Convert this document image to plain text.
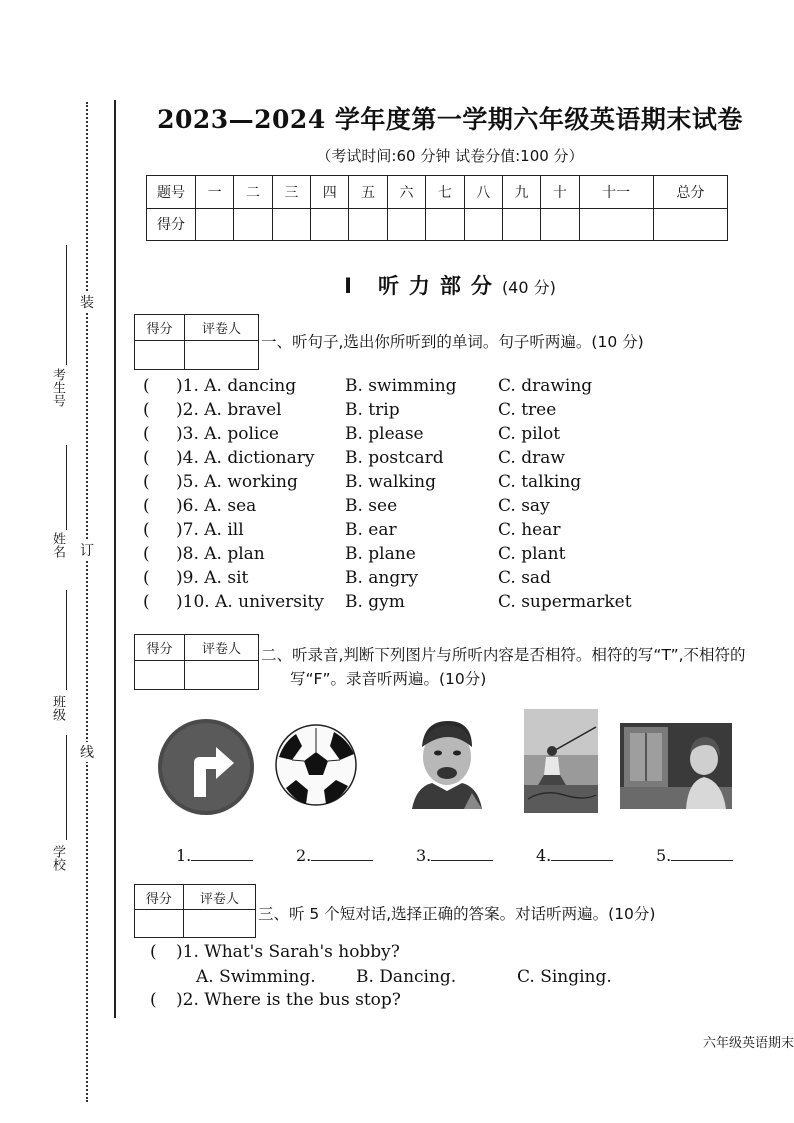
考生号
姓名
班级
学校
装
订
线
2023—2024 学年度第一学期六年级英语期末试卷
（考试时间:60 分钟 试卷分值:100 分）
题号	一	二	三	四	五	六	七	八	九	十	十一	总分
得分												
I 听力部分(40 分)
得分	评卷人

一、听句子,选出你所听到的单词。句子听两遍。(10 分)
( )1. A. dancing	B. swimming C. drawing
( )2. A. bravel	B. trip	C. tree
( )3. A. police	B. please	C. pilot
( )4. A. dictionary B. postcard	C. draw
( )5. A. working	B. walking	C. talking
( )6. A. sea	B. see	C. say
( )7. A. ill	B. ear	C. hear
( )8. A. plan	B. plane	C. plant
( )9. A. sit	B. angry	C. sad
( )10. A. university B. gym	C. supermarket
得分	评卷人
	二、听录音,判断下列图片与所听内容是否相符。相符的写“T”,不相符的
写“F”。录音听两遍。(10分)
1.	2.	3.	4.	5.
得分	评卷人

三、听 5 个短对话,选择正确的答案。对话听两遍。(10分)
( )1. What's Sarah's hobby?
A. Swimming. B. Dancing.	C. Singing.
( )2. Where is the bus stop?
六年级英语期末
